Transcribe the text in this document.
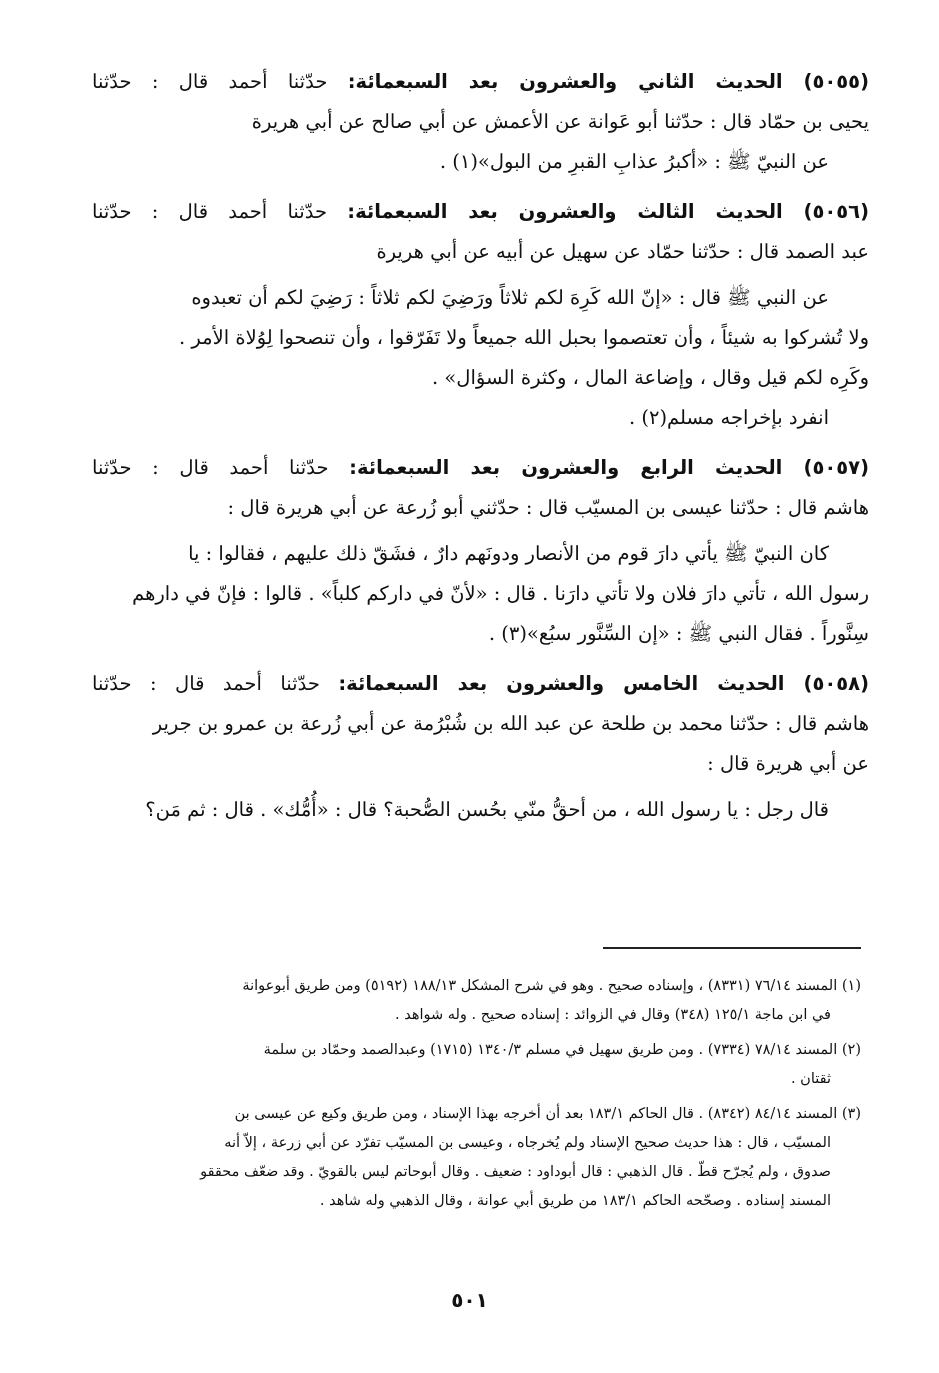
(٥٠٥٥) الحديث الثاني والعشرون بعد السبعمائة: حدّثنا أحمد قال : حدّثنا
يحيى بن حمّاد قال : حدّثنا أبو عَوانة عن الأعمش عن أبي صالح عن أبي هريرة
عن النبيّ ﷺ : «أكبرُ عذابِ القبرِ من البول»(١) .
(٥٠٥٦) الحديث الثالث والعشرون بعد السبعمائة: حدّثنا أحمد قال : حدّثنا
عبد الصمد قال : حدّثنا حمّاد عن سهيل عن أبيه عن أبي هريرة
عن النبي ﷺ قال : «إنّ الله كَرِهَ لكم ثلاثاً ورَضِيَ لكم ثلاثاً : رَضِيَ لكم أن تعبدوه
ولا تُشركوا به شيئاً ، وأن تعتصموا بحبل الله جميعاً ولا تَفَرّقوا ، وأن تنصحوا لِوُلاة الأمر .
وكَرِه لكم قيل وقال ، وإضاعة المال ، وكثرة السؤال» .
انفرد بإخراجه مسلم(٢) .
(٥٠٥٧) الحديث الرابع والعشرون بعد السبعمائة: حدّثنا أحمد قال : حدّثنا
هاشم قال : حدّثنا عيسى بن المسيّب قال : حدّثني أبو زُرعة عن أبي هريرة قال :
كان النبيّ ﷺ يأتي دارَ قوم من الأنصار ودونَهم دارٌ ، فشَقّ ذلك عليهم ، فقالوا : يا
رسول الله ، تأتي دارَ فلان ولا تأتي دارَنا . قال : «لأنّ في داركم كلباً» . قالوا : فإنّ في دارهم
سِنَّوراً . فقال النبي ﷺ : «إن السِّنَّور سبُع»(٣) .
(٥٠٥٨) الحديث الخامس والعشرون بعد السبعمائة: حدّثنا أحمد قال : حدّثنا
هاشم قال : حدّثنا محمد بن طلحة عن عبد الله بن شُبْرُمة عن أبي زُرعة بن عمرو بن جرير
عن أبي هريرة قال :
قال رجل : يا رسول الله ، من أحقُّ منّي بحُسن الصُّحبة؟ قال : «أُمُّك» . قال : ثم مَن؟
(١) المسند ٧٦/١٤ (٨٣٣١) ، وإسناده صحيح . وهو في شرح المشكل ١٨٨/١٣ (٥١٩٢) ومن طريق أبوعوانة
في ابن ماجة ١٢٥/١ (٣٤٨) وقال في الزوائد : إسناده صحيح . وله شواهد .
(٢) المسند ٧٨/١٤ (٧٣٣٤) . ومن طريق سهيل في مسلم ١٣٤٠/٣ (١٧١٥) وعبدالصمد وحمّاد بن سلمة
ثقتان .
(٣) المسند ٨٤/١٤ (٨٣٤٢) . قال الحاكم ١٨٣/١ بعد أن أخرجه بهذا الإسناد ، ومن طريق وكيع عن عيسى بن
المسيّب ، قال : هذا حديث صحيح الإسناد ولم يُخرجاه ، وعيسى بن المسيّب تفرّد عن أبي زرعة ، إلاّ أنه
صدوق ، ولم يُجرّح قطّ . قال الذهبي : قال أبوداود : ضعيف . وقال أبوحاتم ليس بالقويّ . وقد ضعّف محققو
المسند إسناده . وصحّحه الحاكم ١٨٣/١ من طريق أبي عوانة ، وقال الذهبي وله شاهد .
٥٠١
